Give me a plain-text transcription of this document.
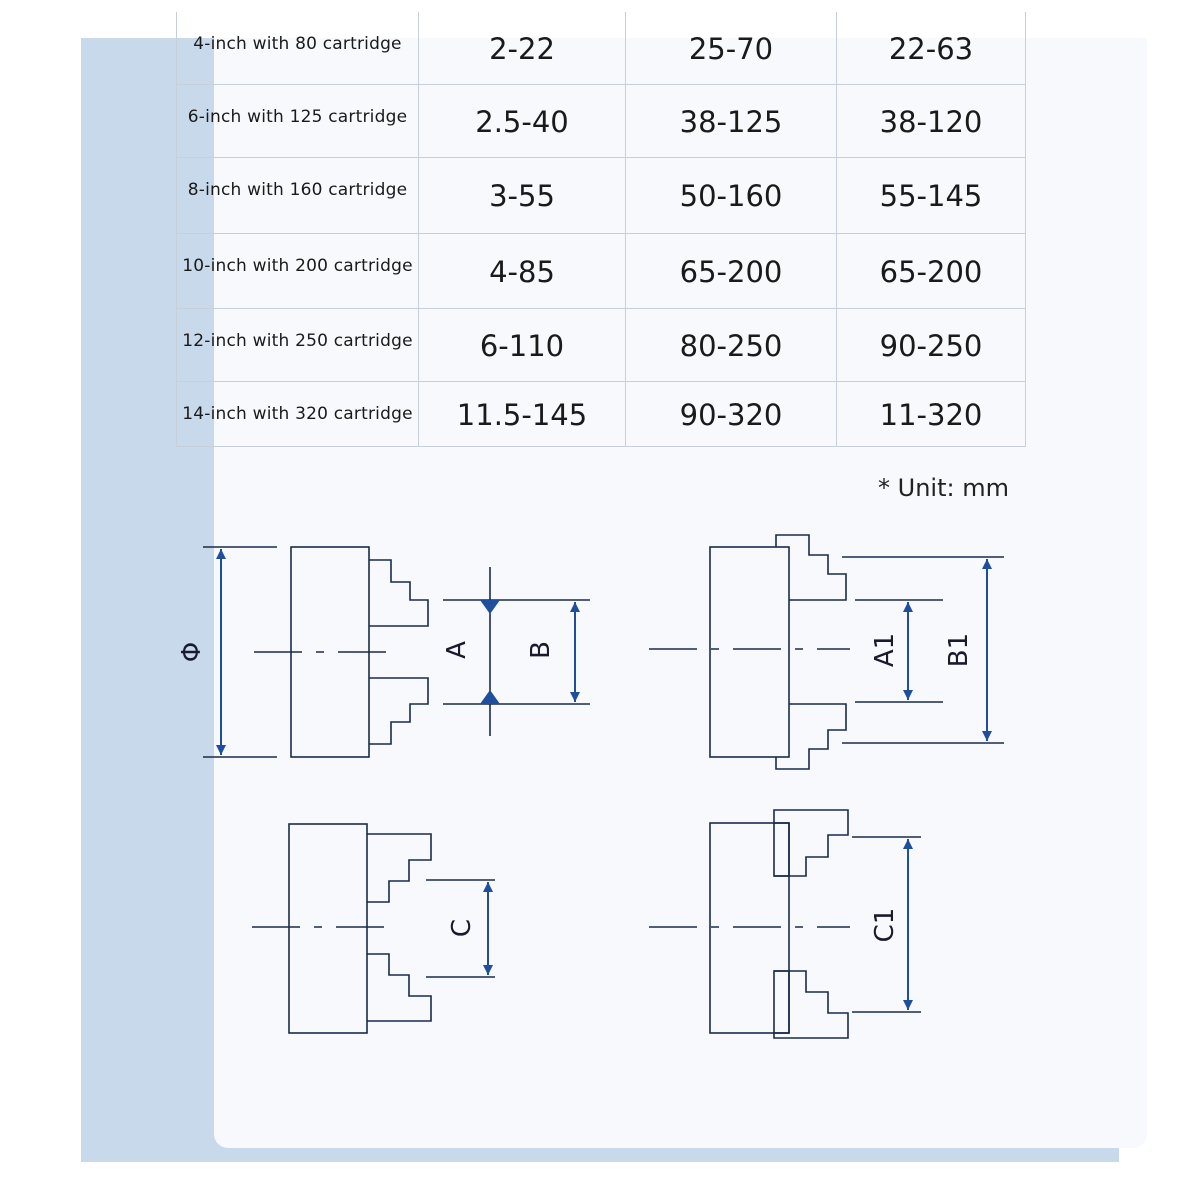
4-inch with 80 cartridge	2-22	25-70	22-63
6-inch with 125 cartridge	2.5-40	38-125	38-120
8-inch with 160 cartridge	3-55	50-160	55-145
10-inch with 200 cartridge	4-85	65-200	65-200
12-inch with 250 cartridge	6-110	80-250	90-250
14-inch with 320 cartridge	11.5-145	90-320	11-320
* Unit: mm
Φ	A B	A1 B1
C	C1
